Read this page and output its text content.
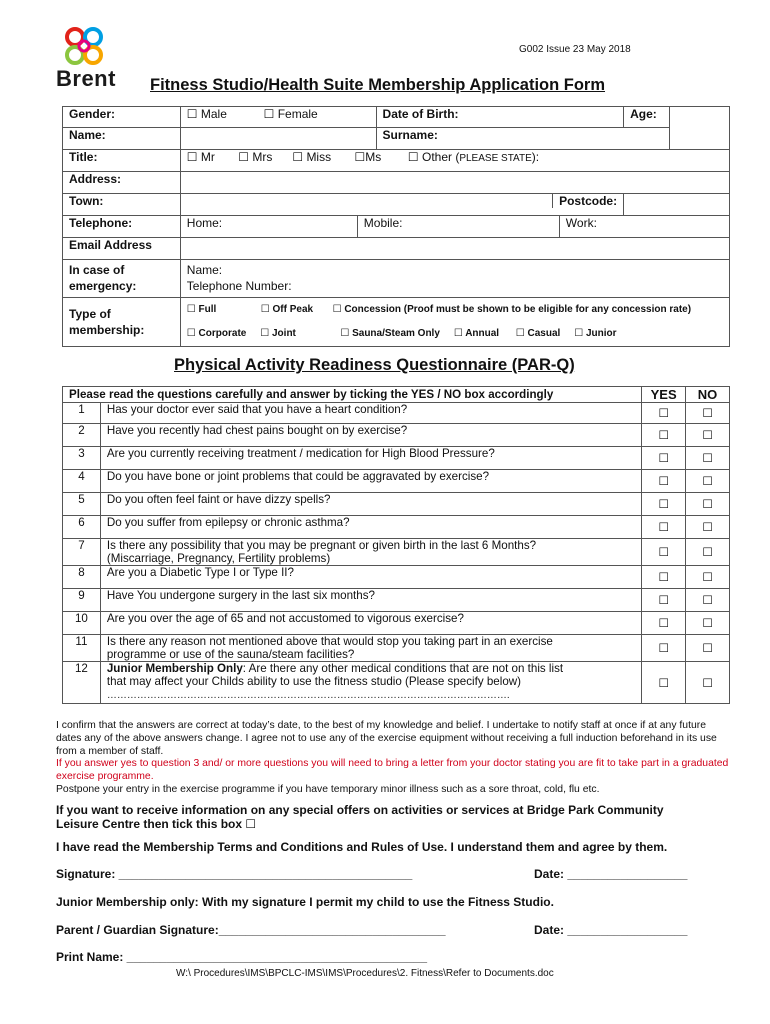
Brent
G002 Issue 23 May 2018
Fitness Studio/Health Suite Membership Application Form
Gender:	☐ Male ☐ Female	Date of Birth:	Age:	
Name:		Surname:		
Title:	☐ Mr ☐ Mrs ☐ Miss ☐Ms ☐ Other (PLEASE STATE):			
Address:				
Town:	Postcode:			
Telephone:	Home: Mobile: Work:			

Email Address				
In case of
emergency:	Name:
Telephone Number:			
Type of
membership:	☐ Full ☐ Off Peak ☐ Concession (Proof must be shown to be eligible for any concession rate)
☐ Corporate ☐ Joint ☐ Sauna/Steam Only ☐ Annual ☐ Casual ☐ Junior			
Physical Activity Readiness Questionnaire (PAR-Q)
Please read the questions carefully and answer by ticking the YES / NO box accordingly		YES	NO
1	Has your doctor ever said that you have a heart condition?	☐	☐
2	Have you recently had chest pains bought on by exercise?	☐	☐
3	Are you currently receiving treatment / medication for High Blood Pressure?	☐	☐
4	Do you have bone or joint problems that could be aggravated by exercise?	☐	☐
5	Do you often feel faint or have dizzy spells?	☐	☐
6	Do you suffer from epilepsy or chronic asthma?	☐	☐
7	Is there any possibility that you may be pregnant or given birth in the last 6 Months?
(Miscarriage, Pregnancy, Fertility problems)	☐	☐
8	Are you a Diabetic Type I or Type II?	☐	☐
9	Have You undergone surgery in the last six months?	☐	☐
10	Are you over the age of 65 and not accustomed to vigorous exercise?	☐	☐
11	Is there any reason not mentioned above that would stop you taking part in an exercise
programme or use of the sauna/steam facilities?	☐	☐
12	Junior Membership Only: Are there any other medical conditions that are not on this list
that may affect your Childs ability to use the fitness studio (Please specify below)
………………………………………………………………………………………………………….	☐	☐
I confirm that the answers are correct at today’s date, to the best of my knowledge and belief. I undertake to notify staff at once if at any future dates any of the above answers change. I agree not to use any of the exercise equipment without receiving a full induction beforehand in its use from a member of staff.
If you answer yes to question 3 and/ or more questions you will need to bring a letter from your doctor stating you are fit to take part in a graduated exercise programme.
Postpone your entry in the exercise programme if you have temporary minor illness such as a sore throat, cold, flu etc.
If you want to receive information on any special offers on activities or services at Bridge Park Community
Leisure Centre then tick this box ☐
I have read the Membership Terms and Conditions and Rules of Use. I understand them and agree by them.
Signature: ____________________________________________	Date: __________________
Junior Membership only: With my signature I permit my child to use the Fitness Studio.
Parent / Guardian Signature:__________________________________	Date: __________________
Print Name: _____________________________________________
W:\ Procedures\IMS\BPCLC-IMS\IMS\Procedures\2. Fitness\Refer to Documents.doc
